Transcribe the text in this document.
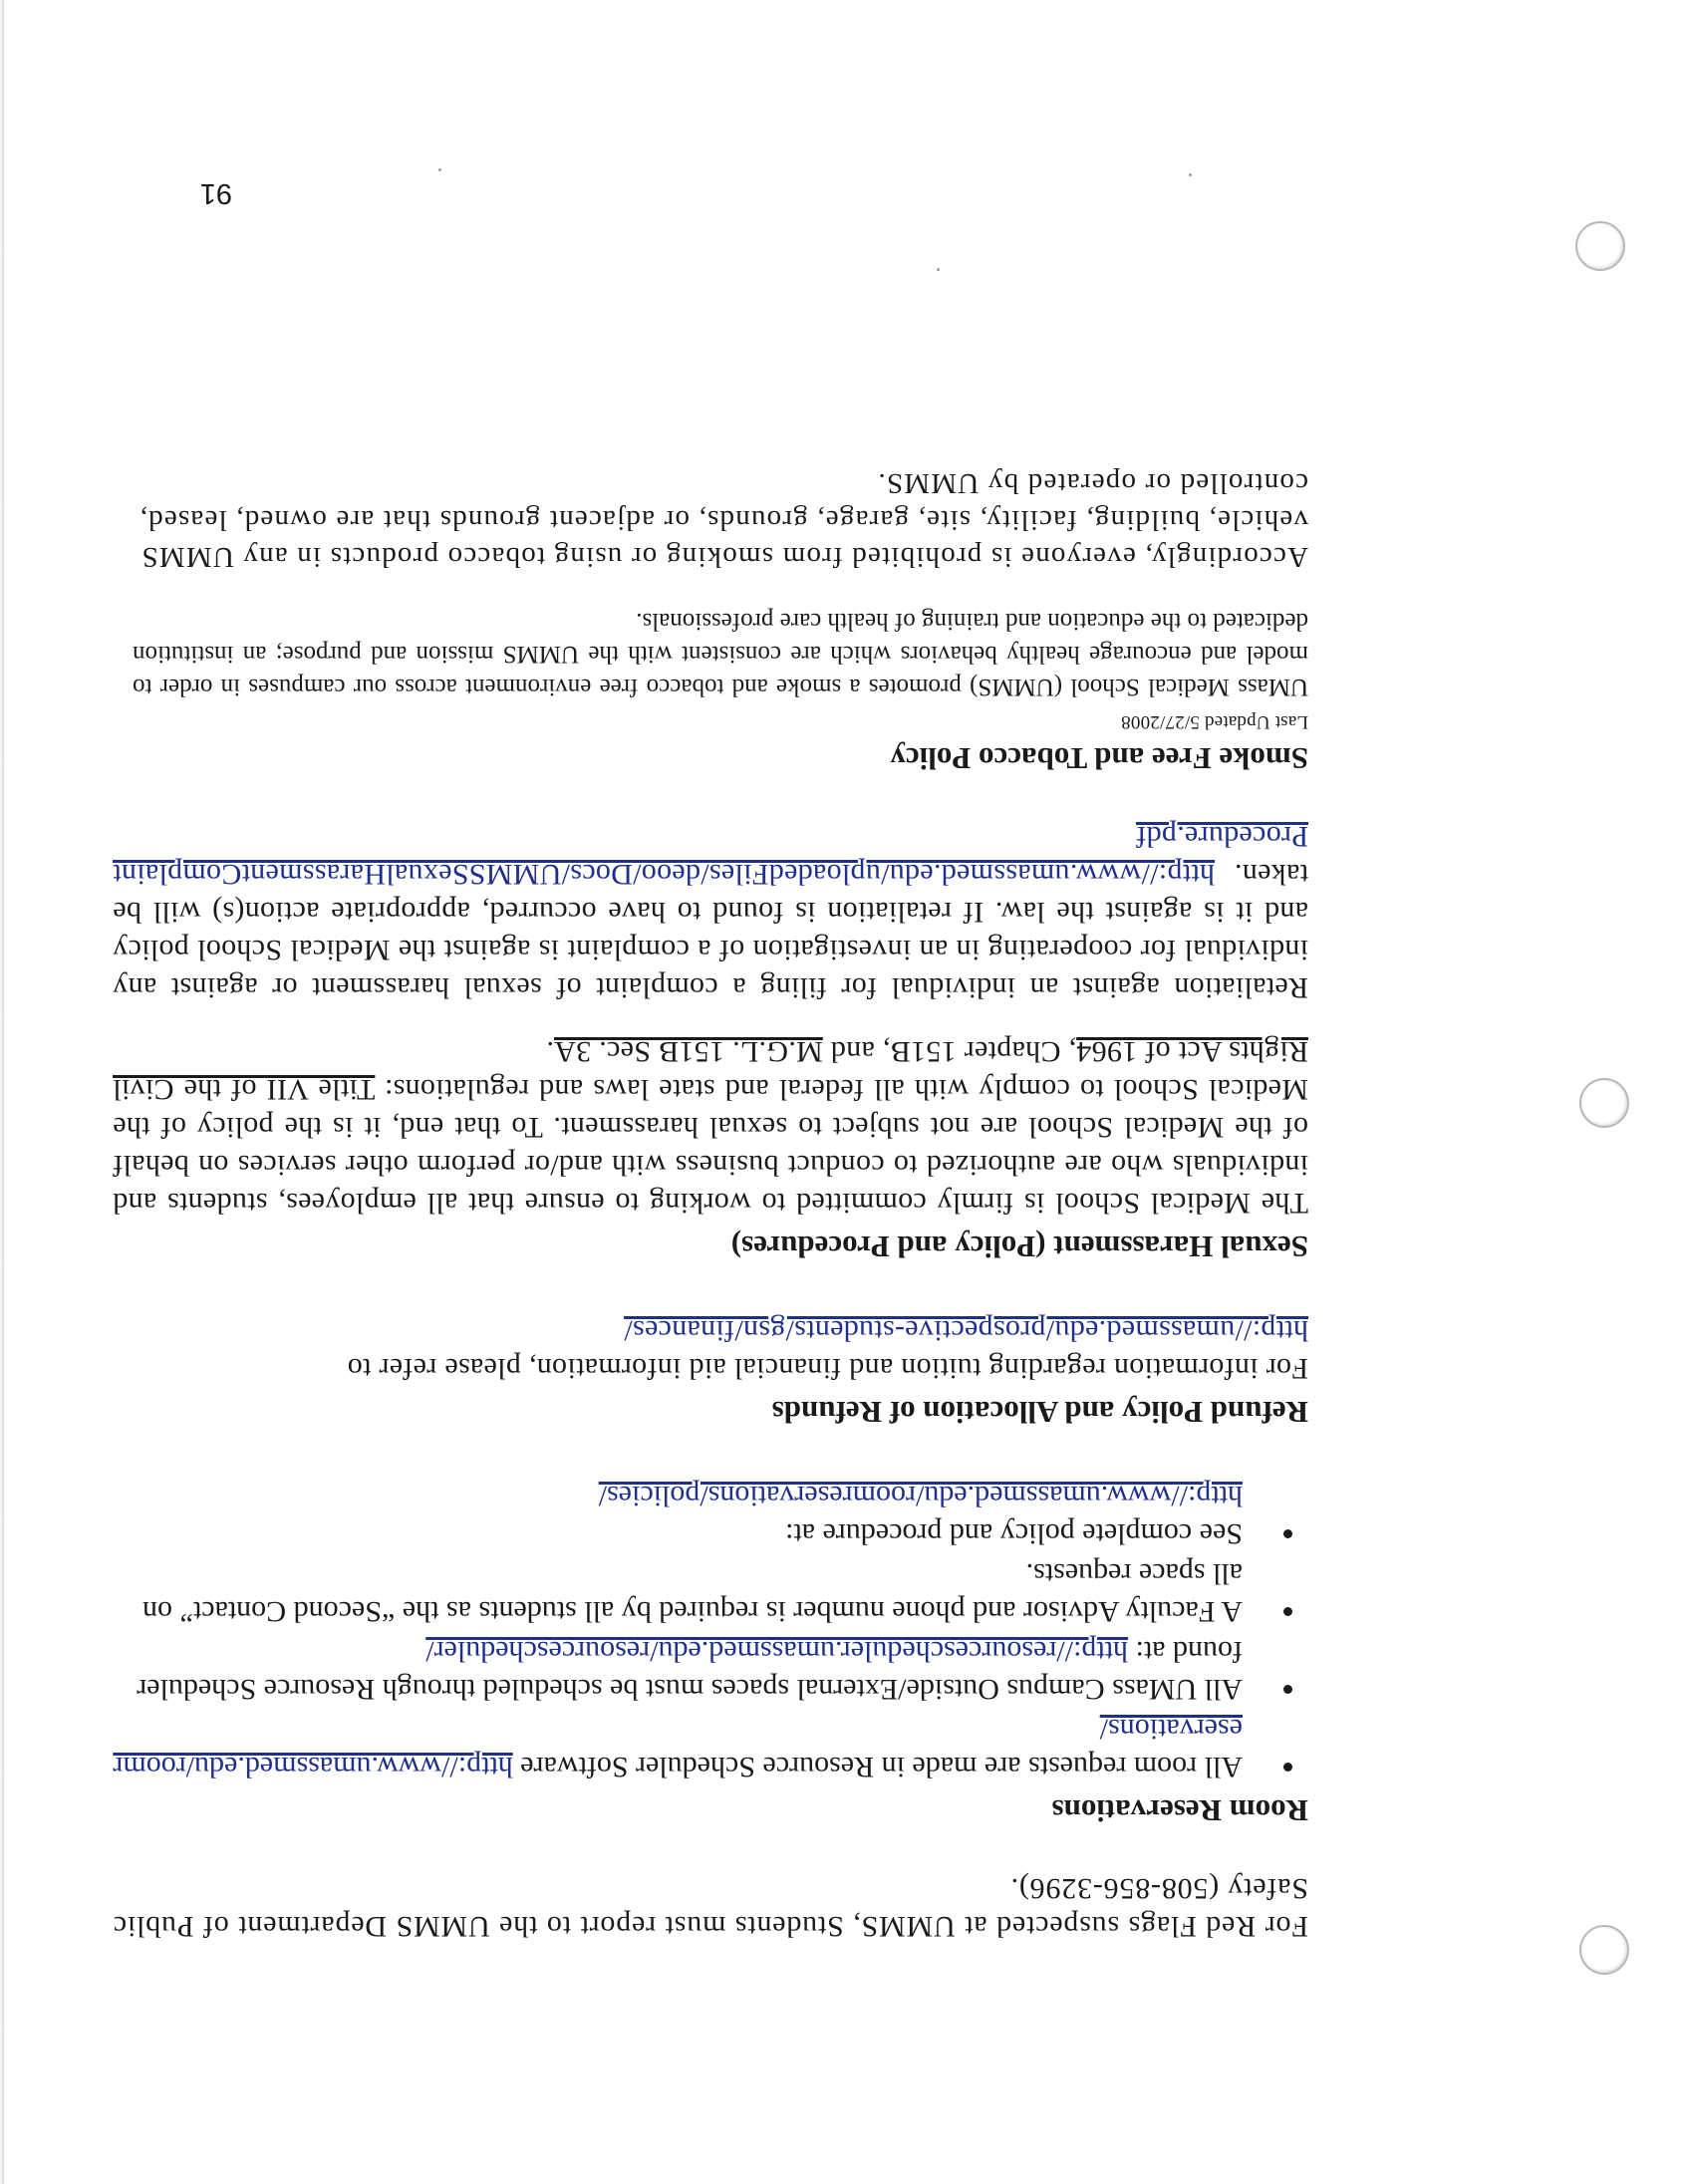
For Red Flags suspected at UMMS, Students must report to the UMMS Department of Public Safety (508-856-3296).

Room Reservations
All room requests are made in Resource Scheduler Software http://www.umassmed.edu/roomreservations/
All UMass Campus Outside/External spaces must be scheduled through Resource Scheduler found at: http://resourcescheduler.umassmed.edu/resourcescheduler/
A Faculty Advisor and phone number is required by all students as the “Second Contact” on all space requests.
See complete policy and procedure at:
http://www.umassmed.edu/roomreservations/policies/
Refund Policy and Allocation of Refunds

For information regarding tuition and financial aid information, please refer to
http://umassmed.edu/prospective-students/gsn/finances/

Sexual Harassment (Policy and Procedures)

The Medical School is firmly committed to working to ensure that all employees, students and individuals who are authorized to conduct business with and/or perform other services on behalf of the Medical School are not subject to sexual harassment. To that end, it is the policy of the Medical School to comply with all federal and state laws and regulations: Title VII of the Civil Rights Act of 1964, Chapter 151B, and M.G.L. 151B Sec. 3A.

Retaliation against an individual for filing a complaint of sexual harassment or against any individual for cooperating in an investigation of a complaint is against the Medical School policy and it is against the law. If retaliation is found to have occurred, appropriate action(s) will be taken. http://www.umassmed.edu/uploadedFiles/deoo/Docs/UMMSSexualHarassmentComplaintProcedure.pdf

Smoke Free and Tobacco Policy
Last Updated 5/27/2008

UMass Medical School (UMMS) promotes a smoke and tobacco free environment across our campuses in order to model and encourage healthy behaviors which are consistent with the UMMS mission and purpose; an institution dedicated to the education and training of health care professionals.

Accordingly, everyone is prohibited from smoking or using tobacco products in any UMMS vehicle, building, facility, site, garage, grounds, or adjacent grounds that are owned, leased, controlled or operated by UMMS.

91
